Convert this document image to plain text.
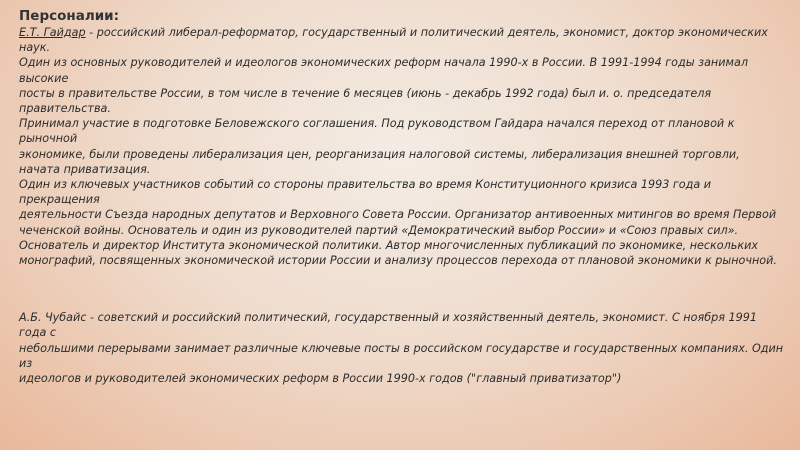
Персоналии:

Е.Т. Гайдар - российский либерал-реформатор, государственный и политический деятель, экономист, доктор экономических наук.
Один из основных руководителей и идеологов экономических реформ начала 1990-х в России. В 1991-1994 годы занимал высокие
посты в правительстве России, в том числе в течение 6 месяцев (июнь - декабрь 1992 года) был и. о. председателя правительства.
Принимал участие в подготовке Беловежского соглашения. Под руководством Гайдара начался переход от плановой к рыночной
экономике, были проведены либерализация цен, реорганизация налоговой системы, либерализация внешней торговли,
начата приватизация.
Один из ключевых участников событий со стороны правительства во время Конституционного кризиса 1993 года и прекращения
деятельности Съезда народных депутатов и Верховного Совета России. Организатор антивоенных митингов во время Первой
чеченской войны. Основатель и один из руководителей партий «Демократический выбор России» и «Союз правых сил».
Основатель и директор Института экономической политики. Автор многочисленных публикаций по экономике, нескольких
монографий, посвященных экономической истории России и анализу процессов перехода от плановой экономики к рыночной.

А.Б. Чубайс - советский и российский политический, государственный и хозяйственный деятель, экономист. С ноября 1991 года с
небольшими перерывами занимает различные ключевые посты в российском государстве и государственных компаниях. Один из
идеологов и руководителей экономических реформ в России 1990-х годов ("главный приватизатор")
